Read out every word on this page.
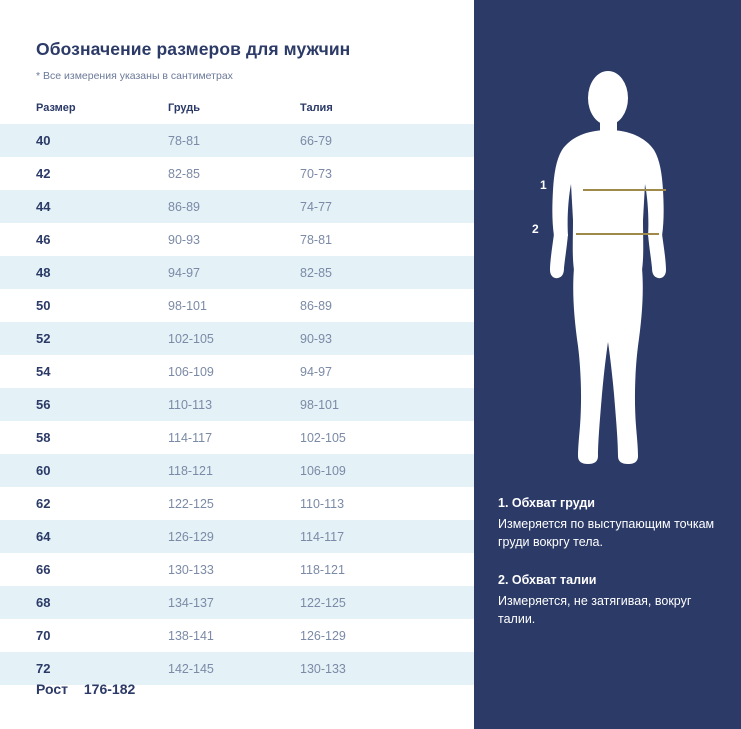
Обозначение размеров для мужчин
* Все измерения указаны в сантиметрах
	Размер	Грудь	Талия
	40	78-81	66-79
	42	82-85	70-73
	44	86-89	74-77
	46	90-93	78-81
	48	94-97	82-85
	50	98-101	86-89
	52	102-105	90-93
	54	106-109	94-97
	56	110-113	98-101
	58	114-117	102-105
	60	118-121	106-109
	62	122-125	110-113
	64	126-129	114-117
	66	130-133	118-121
	68	134-137	122-125
	70	138-141	126-129
	72	142-145	130-133
Рост 176-182
1
2
1. Обхват груди

Измеряется по выступающим точкам груди вокргу тела.

2. Обхват талии

Измеряется, не затягивая, вокруг талии.
